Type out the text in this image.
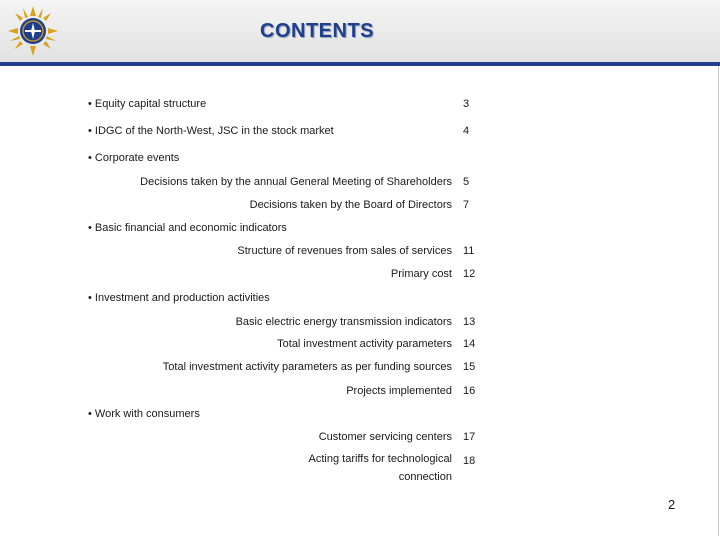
CONTENTS
• Equity capital structure	3
• IDGC of the North-West, JSC in the stock market	4
• Corporate events
Decisions taken by the annual General Meeting of Shareholders 5
Decisions taken by the Board of Directors 7
• Basic financial and economic indicators
Structure of revenues from sales of services 11
Primary cost 12
• Investment and production activities
Basic electric energy transmission indicators 13
Total investment activity parameters 14
Total investment activity parameters as per funding sources 15
Projects implemented 16
• Work with consumers
Customer servicing centers 17
Acting tariffs for technological
connection
18
2
